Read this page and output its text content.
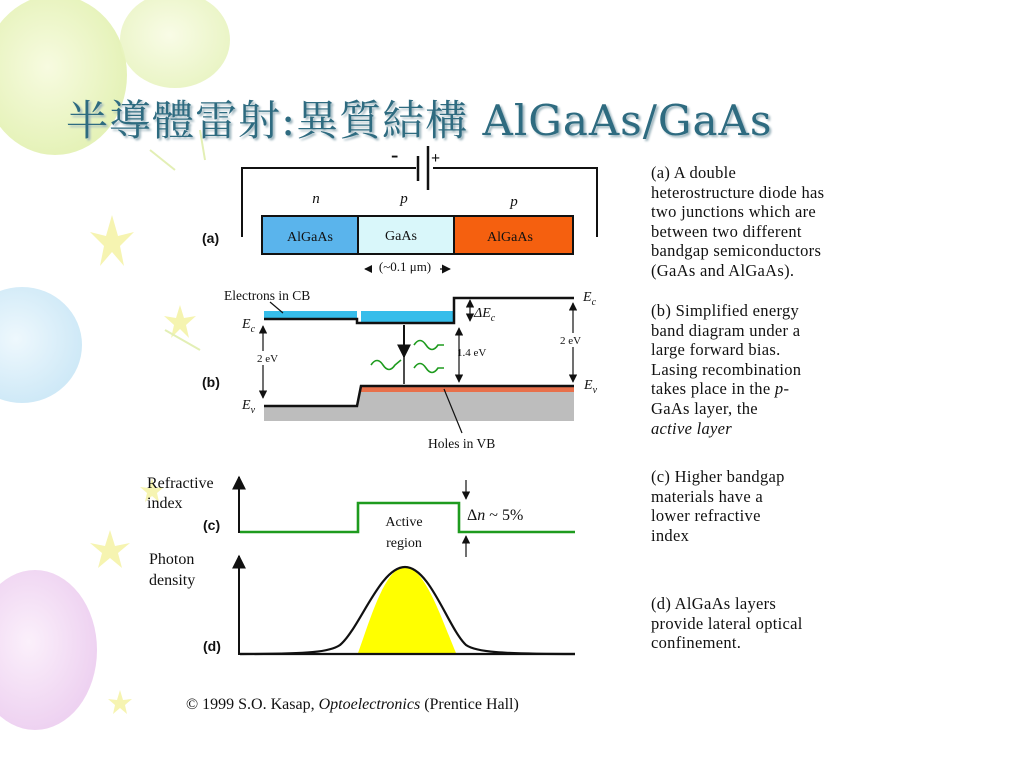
半導體雷射:異質結構 AlGaAs/GaAs
- +
n	p	p
AlGaAs	GaAs	AlGaAs
(~0.1 μm)
(a)
2 eV	1.4 eV
2 eV
$\Delta E_c$
Electrons in CB
$E_c$
$E_c$
$E_v$
$E_v$
Holes in VB
(b)
Refractive index
Active region
Δn ~ 5%
(c)
Photon density
(d)
(a) A double
heterostructure diode has
two junctions which are
between two different
bandgap semiconductors
(GaAs and AlGaAs).
(b) Simplified energy
band diagram under a
large forward bias.
Lasing recombination
takes place in the p-
GaAs layer, the
active layer
(c) Higher bandgap
materials have a
lower refractive
index
(d) AlGaAs layers
provide lateral optical
confinement.
© 1999 S.O. Kasap, Optoelectronics (Prentice Hall)
